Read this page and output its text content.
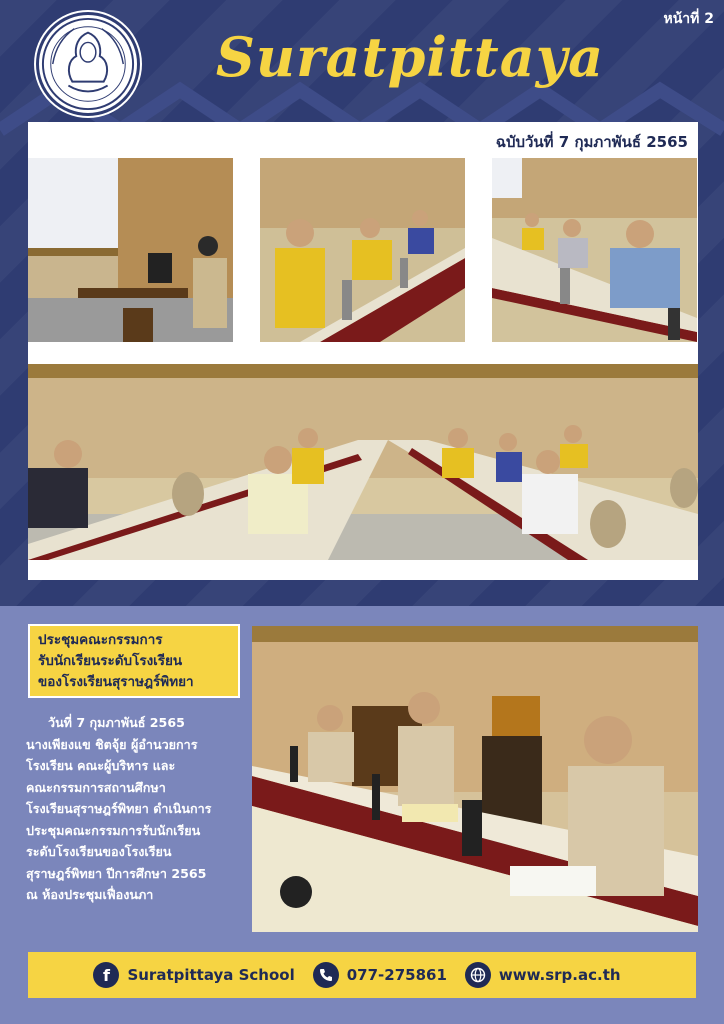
Suratpittaya
หน้าที่ 2
ฉบับวันที่ 7 กุมภาพันธ์ 2565
ประชุมคณะกรรมการ
รับนักเรียนระดับโรงเรียน
ของโรงเรียนสุราษฎร์พิทยา
วันที่ 7 กุมภาพันธ์ 2565
นางเพียงแข ชิตจุ้ย ผู้อำนวยการ
โรงเรียน คณะผู้บริหาร และ
คณะกรรมการสถานศึกษา
โรงเรียนสุราษฎร์พิทยา ดำเนินการ
ประชุมคณะกรรมการรับนักเรียน
ระดับโรงเรียนของโรงเรียน
สุราษฎร์พิทยา ปีการศึกษา 2565
ณ ห้องประชุมเฟื่องนภา
f	Suratpittaya School	077-275861	www.srp.ac.th
